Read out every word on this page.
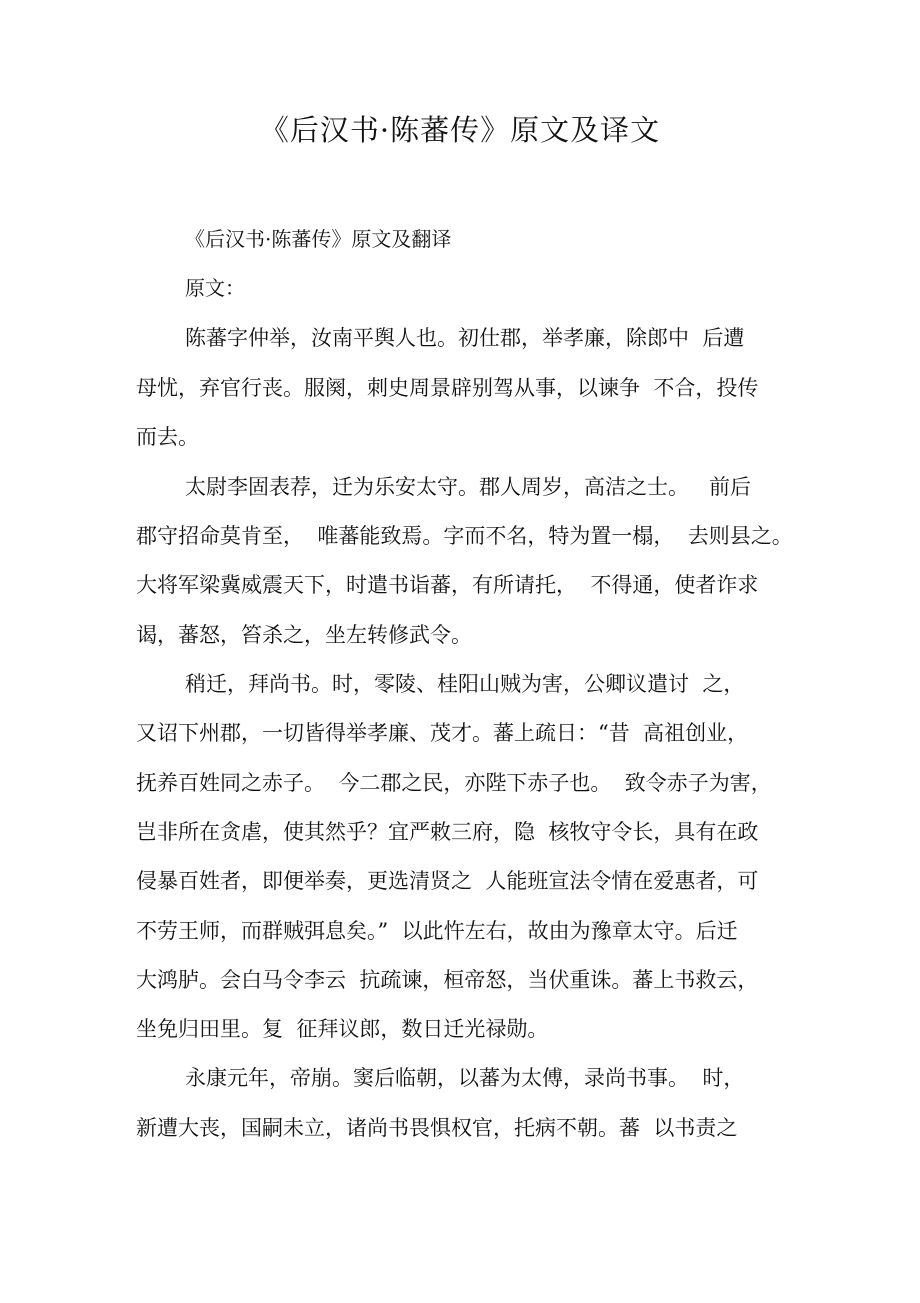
《后汉书·陈蕃传》原文及译文
《后汉书·陈蕃传》原文及翻译
原文：
陈蕃字仲举，汝南平舆人也。初仕郡，举孝廉，除郎中  后遭
母忧，弃官行丧。服阕，刺史周景辟别驾从事，以谏争  不合，投传
而去。
太尉李固表荐，迁为乐安太守。郡人周岁，高洁之士。   前后
郡守招命莫肯至，  唯蕃能致焉。字而不名，特为置一榻，  去则县之。
大将军梁冀威震天下，时遣书诣蕃，有所请托，  不得通，使者诈求
谒，蕃怒，笞杀之，坐左转修武令。
稍迁，拜尚书。时，零陵、桂阳山贼为害，公卿议遣讨  之，
又诏下州郡，一切皆得举孝廉、茂才。蕃上疏日：“昔  高祖创业，
抚养百姓同之赤子。  今二郡之民，亦陛下赤子也。  致令赤子为害，
岂非所在贪虐，使其然乎？宜严敕三府，隐  核牧守令长，具有在政
侵暴百姓者，即便举奏，更选清贤之  人能班宣法令情在爱惠者，可
不劳王师，而群贼弭息矣。”  以此忤左右，故由为豫章太守。后迁
大鸿胪。会白马令李云  抗疏谏，桓帝怒，当伏重诛。蕃上书救云，
坐免归田里。复  征拜议郎，数日迁光禄勋。
永康元年，帝崩。窦后临朝，以蕃为太傅，录尚书事。  时，
新遭大丧，国嗣未立，诸尚书畏惧权官，托病不朝。蕃  以书责之
